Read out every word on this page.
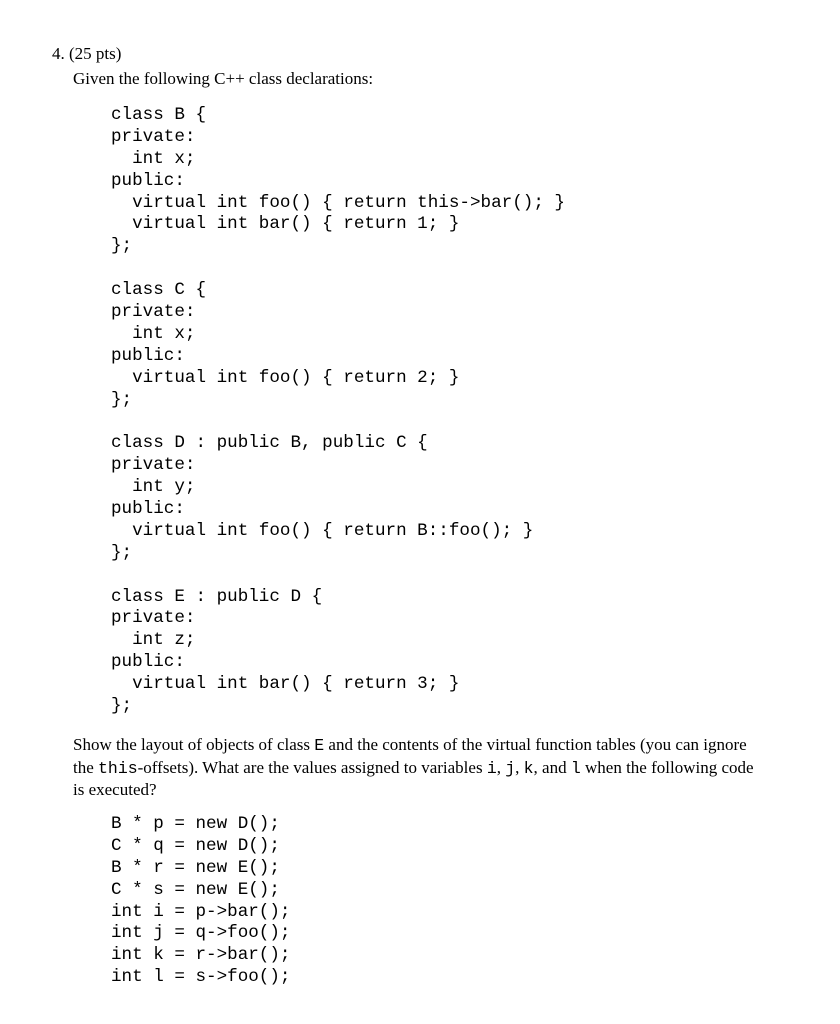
4. (25 pts)
Given the following C++ class declarations:
class B {
private:
int x;
public:
virtual int foo() { return this->bar(); }
virtual int bar() { return 1; }
};
class C {
private:
int x;
public:
virtual int foo() { return 2; }
};
class D : public B, public C {
private:
int y;
public:
virtual int foo() { return B::foo(); }
};
class E : public D {
private:
int z;
public:
virtual int bar() { return 3; }
};
Show the layout of objects of class E and the contents of the virtual function tables (you can ignore
the this-offsets). What are the values assigned to variables i, j, k, and l when the following code
is executed?
B * p = new D();
C * q = new D();
B * r = new E();
C * s = new E();
int i = p->bar();
int j = q->foo();
int k = r->bar();
int l = s->foo();
